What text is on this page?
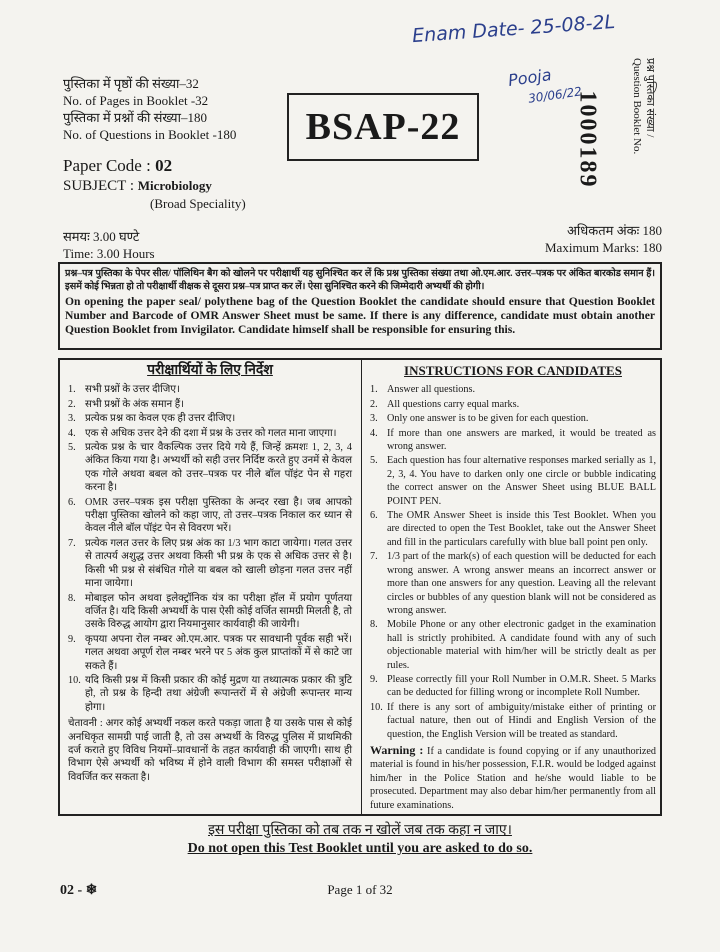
Enam Date- 25-08-2L
Pooja
30/06/22
पुस्तिका में पृष्ठों की संख्या–32
No. of Pages in Booklet -32
पुस्तिका में प्रश्नों की संख्या–180
No. of Questions in Booklet -180
Paper Code : 02
SUBJECT : Microbiology
(Broad Speciality)
BSAP-22	1000189	प्रश्न पुस्तिका संख्या /
Question Booklet No.
समयः 3.00 घण्टे
Time: 3.00 Hours
अधिकतम अंकः 180
Maximum Marks: 180
प्रश्न–पत्र पुस्तिका के पेपर सील/ पॉलिथिन बैग को खोलने पर परीक्षार्थी यह सुनिश्चित कर लें कि प्रश्न पुस्तिका संख्या तथा ओ.एम.आर. उत्तर–पत्रक पर अंकित बारकोड समान हैं। इसमें कोई भिन्नता हो तो परीक्षार्थी वीक्षक से दूसरा प्रश्न–पत्र प्राप्त कर लें। ऐसा सुनिश्चित करने की जिम्मेदारी अभ्यर्थी की होगी।
On opening the paper seal/ polythene bag of the Question Booklet the candidate should ensure that Question Booklet Number and Barcode of OMR Answer Sheet must be same. If there is any difference, candidate must obtain another Question Booklet from Invigilator. Candidate himself shall be responsible for ensuring this.
परीक्षार्थियों के लिए निर्देश
1. सभी प्रश्नों के उत्तर दीजिए।
2. सभी प्रश्नों के अंक समान हैं।
3. प्रत्येक प्रश्न का केवल एक ही उत्तर दीजिए।
4. एक से अधिक उत्तर देने की दशा में प्रश्न के उत्तर को गलत माना जाएगा।
5. प्रत्येक प्रश्न के चार वैकल्पिक उत्तर दिये गये हैं, जिन्हें क्रमशः 1, 2, 3, 4 अंकित किया गया है। अभ्यर्थी को सही उत्तर निर्दिष्ट करते हुए उनमें से केवल एक गोले अथवा बबल को उत्तर–पत्रक पर नीले बॉल पॉइंट पेन से गहरा करना है।
6. OMR उत्तर–पत्रक इस परीक्षा पुस्तिका के अन्दर रखा है। जब आपको परीक्षा पुस्तिका खोलने को कहा जाए, तो उत्तर–पत्रक निकाल कर ध्यान से केवल नीले बॉल पॉइंट पेन से विवरण भरें।
7. प्रत्येक गलत उत्तर के लिए प्रश्न अंक का 1/3 भाग काटा जायेगा। गलत उत्तर से तात्पर्य अशुद्ध उत्तर अथवा किसी भी प्रश्न के एक से अधिक उत्तर से है। किसी भी प्रश्न से संबंधित गोले या बबल को खाली छोड़ना गलत उत्तर नहीं माना जायेगा।
8. मोबाइल फोन अथवा इलेक्ट्रॉनिक यंत्र का परीक्षा हॉल में प्रयोग पूर्णतया वर्जित है। यदि किसी अभ्यर्थी के पास ऐसी कोई वर्जित सामग्री मिलती है, तो उसके विरुद्ध आयोग द्वारा नियमानुसार कार्यवाही की जायेगी।
9. कृपया अपना रोल नम्बर ओ.एम.आर. पत्रक पर सावधानी पूर्वक सही भरें। गलत अथवा अपूर्ण रोल नम्बर भरने पर 5 अंक कुल प्राप्तांकों में से काटे जा सकते हैं।
10. यदि किसी प्रश्न में किसी प्रकार की कोई मुद्रण या तथ्यात्मक प्रकार की त्रुटि हो, तो प्रश्न के हिन्दी तथा अंग्रेजी रूपान्तरों में से अंग्रेजी रूपान्तर मान्य होगा।
चेतावनी : अगर कोई अभ्यर्थी नकल करते पकड़ा जाता है या उसके पास से कोई अनधिकृत सामग्री पाई जाती है, तो उस अभ्यर्थी के विरुद्ध पुलिस में प्राथमिकी दर्ज कराते हुए विविध नियमों–प्रावधानों के तहत कार्यवाही की जाएगी। साथ ही विभाग ऐसे अभ्यर्थी को भविष्य में होने वाली विभाग की समस्त परीक्षाओं से विवर्जित कर सकता है।
INSTRUCTIONS FOR CANDIDATES
1. Answer all questions.
2. All questions carry equal marks.
3. Only one answer is to be given for each question.
4. If more than one answers are marked, it would be treated as wrong answer.
5. Each question has four alternative responses marked serially as 1, 2, 3, 4. You have to darken only one circle or bubble indicating the correct answer on the Answer Sheet using BLUE BALL POINT PEN.
6. The OMR Answer Sheet is inside this Test Booklet. When you are directed to open the Test Booklet, take out the Answer Sheet and fill in the particulars carefully with blue ball point pen only.
7. 1/3 part of the mark(s) of each question will be deducted for each wrong answer. A wrong answer means an incorrect answer or more than one answers for any question. Leaving all the relevant circles or bubbles of any question blank will not be considered as wrong answer.
8. Mobile Phone or any other electronic gadget in the examination hall is strictly prohibited. A candidate found with any of such objectionable material with him/her will be strictly dealt as per rules.
9. Please correctly fill your Roll Number in O.M.R. Sheet. 5 Marks can be deducted for filling wrong or incomplete Roll Number.
10. If there is any sort of ambiguity/mistake either of printing or factual nature, then out of Hindi and English Version of the question, the English Version will be treated as standard.
Warning : If a candidate is found copying or if any unauthorized material is found in his/her possession, F.I.R. would be lodged against him/her in the Police Station and he/she would liable to be prosecuted. Department may also debar him/her permanently from all future examinations.
इस परीक्षा पुस्तिका को तब तक न खोलें जब तक कहा न जाए।
Do not open this Test Booklet until you are asked to do so.
02 - ❄	Page 1 of 32
